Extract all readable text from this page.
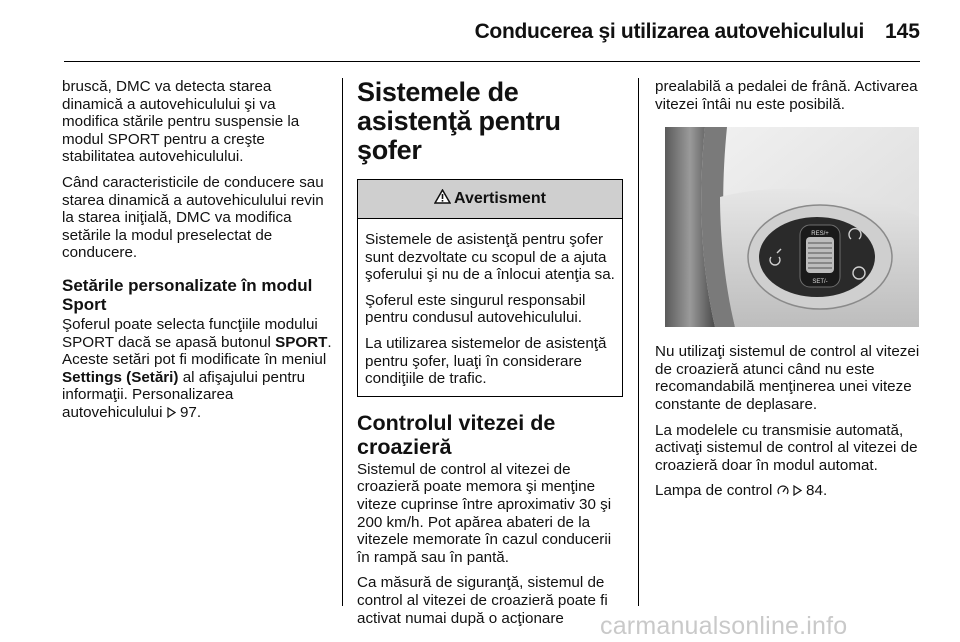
Conducerea şi utilizarea autovehiculului 145

bruscă, DMC va detecta starea dinamică a autovehiculului şi va modifica stările pentru suspensie la modul SPORT pentru a creşte stabilitatea autovehiculului.

Când caracteristicile de conducere sau starea dinamică a autovehiculului revin la starea iniţială, DMC va modifica setările la modul preselectat de conducere.

Setările personalizate în modul Sport

Şoferul poate selecta funcţiile modului SPORT dacă se apasă butonul SPORT. Aceste setări pot fi modificate în meniul Settings (Setări) al afişajului pentru informaţii. Personalizarea autovehiculului  97.

Sistemele de asistenţă pentru şofer
Avertisment

Sistemele de asistenţă pentru şofer sunt dezvoltate cu scopul de a ajuta şoferului şi nu de a înlocui atenţia sa.

Şoferul este singurul responsabil pentru condusul autovehiculului.

La utilizarea sistemelor de asistenţă pentru şofer, luaţi în considerare condiţiile de trafic.

Controlul vitezei de croazieră

Sistemul de control al vitezei de croazieră poate memora şi menţine viteze cuprinse între aproximativ 30 şi 200 km/h. Pot apărea abateri de la vitezele memorate în cazul conducerii în rampă sau în pantă.

Ca măsură de siguranţă, sistemul de control al vitezei de croazieră poate fi activat numai după o acţionare

prealabilă a pedalei de frână. Activarea vitezei întâi nu este posibilă.

RES/+
SET/-

Nu utilizaţi sistemul de control al vitezei de croazieră atunci când nu este recomandabilă menţinerea unei viteze constante de deplasare.

La modelele cu transmisie automată, activaţi sistemul de control al vitezei de croazieră doar în modul automat.

Lampa de control   84.

carmanualsonline.info
